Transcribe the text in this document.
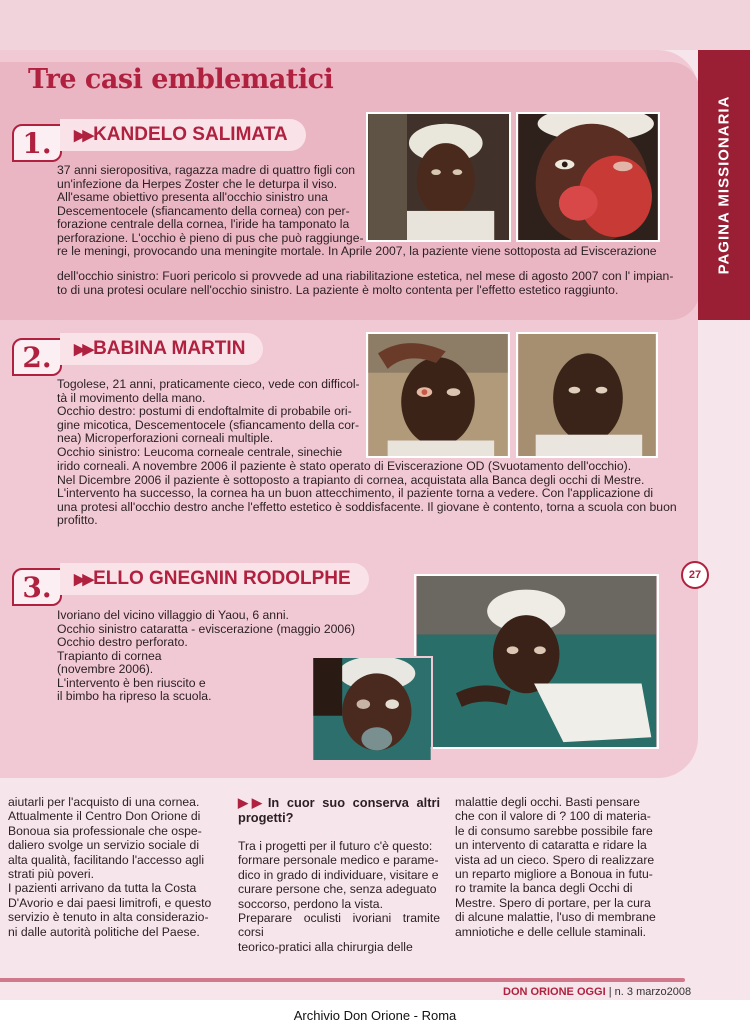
PAGINA MISSIONARIA
Tre casi emblematici
1.	▶▶ KANDELO SALIMATA

37 anni sieropositiva, ragazza madre di quattro figli con

un'infezione da Herpes Zoster che le deturpa il viso.

All'esame obiettivo presenta all'occhio sinistro una

Descementocele (sfiancamento della cornea) con per-

forazione centrale della cornea, l'iride ha tamponato la

perforazione. L'occhio è pieno di pus che può raggiunge-

re le meningi, provocando una meningite mortale. In Aprile 2007, la paziente viene sottoposta ad Eviscerazione

dell'occhio sinistro: Fuori pericolo si provvede ad una riabilitazione estetica, nel mese di agosto 2007 con l' impian-

to di una protesi oculare nell'occhio sinistro. La paziente è molto contenta per l'effetto estetico raggiunto.

2.	▶▶ BABINA MARTIN

Togolese, 21 anni, praticamente cieco, vede con difficol-

tà il movimento della mano.

Occhio destro: postumi di endoftalmite di probabile ori-

gine micotica, Descementocele (sfiancamento della cor-

nea) Microperforazioni corneali multiple.

Occhio sinistro: Leucoma corneale centrale, sinechie

irido corneali. A novembre 2006 il paziente è stato operato di Eviscerazione OD (Svuotamento dell'occhio).

Nel Dicembre 2006 il paziente è sottoposto a trapianto di cornea, acquistata alla Banca degli occhi di Mestre.

L'intervento ha successo, la cornea ha un buon attecchimento, il paziente torna a vedere. Con l'applicazione di

una protesi all'occhio destro anche l'effetto estetico è soddisfacente. Il giovane è contento, torna a scuola con buon

profitto.

3.	▶▶ ELLO GNEGNIN RODOLPHE

Ivoriano del vicino villaggio di Yaou, 6 anni.

Occhio sinistro cataratta - eviscerazione (maggio 2006)

Occhio destro perforato.

Trapianto di cornea

(novembre 2006).

L'intervento è ben riuscito e

il bimbo ha ripreso la scuola.

27

aiutarli per l'acquisto di una cornea.

Attualmente il Centro Don Orione di

Bonoua sia professionale che ospe-

daliero svolge un servizio sociale di

alta qualità, facilitando l'accesso agli

strati più poveri.

I pazienti arrivano da tutta la Costa

D'Avorio e dai paesi limitrofi, e questo

servizio è tenuto in alta considerazio-

ni dalle autorità politiche del Paese.

▶▶ In cuor suo conserva altri progetti?

Tra i progetti per il futuro c'è questo:

formare personale medico e parame-

dico in grado di individuare, visitare e

curare persone che, senza adeguato

soccorso, perdono la vista.

Preparare oculisti ivoriani tramite corsi

teorico-pratici alla chirurgia delle

malattie degli occhi. Basti pensare

che con il valore di ? 100 di materia-

le di consumo sarebbe possibile fare

un intervento di cataratta e ridare la

vista ad un cieco. Spero di realizzare

un reparto migliore a Bonoua in futu-

ro tramite la banca degli Occhi di

Mestre. Spero di portare, per la cura

di alcune malattie, l'uso di membrane

amniotiche e delle cellule staminali.

DON ORIONE OGGI | n. 3 marzo2008
Archivio Don Orione - Roma
